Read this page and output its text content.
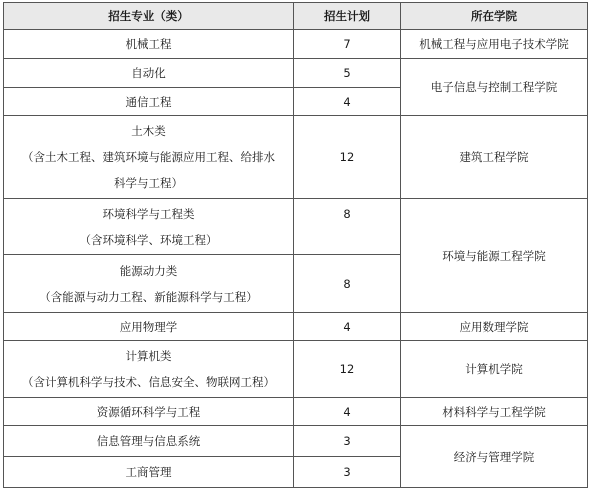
招生专业（类）	招生计划	所在学院
机械工程	7	机械工程与应用电子技术学院
自动化	5	电子信息与控制工程学院
通信工程	4	

土木类
（含土木工程、建筑环境与能源应用工程、给排水
科学与工程）	12	建筑工程学院

环境科学与工程类
（含环境科学、环境工程）	8	环境与能源工程学院

能源动力类
（含能源与动力工程、新能源科学与工程）	8	
应用物理学	4	应用数理学院

计算机类
（含计算机科学与技术、信息安全、物联网工程）	12	计算机学院
资源循环科学与工程	4	材料科学与工程学院
信息管理与信息系统	3	经济与管理学院
工商管理	3	
